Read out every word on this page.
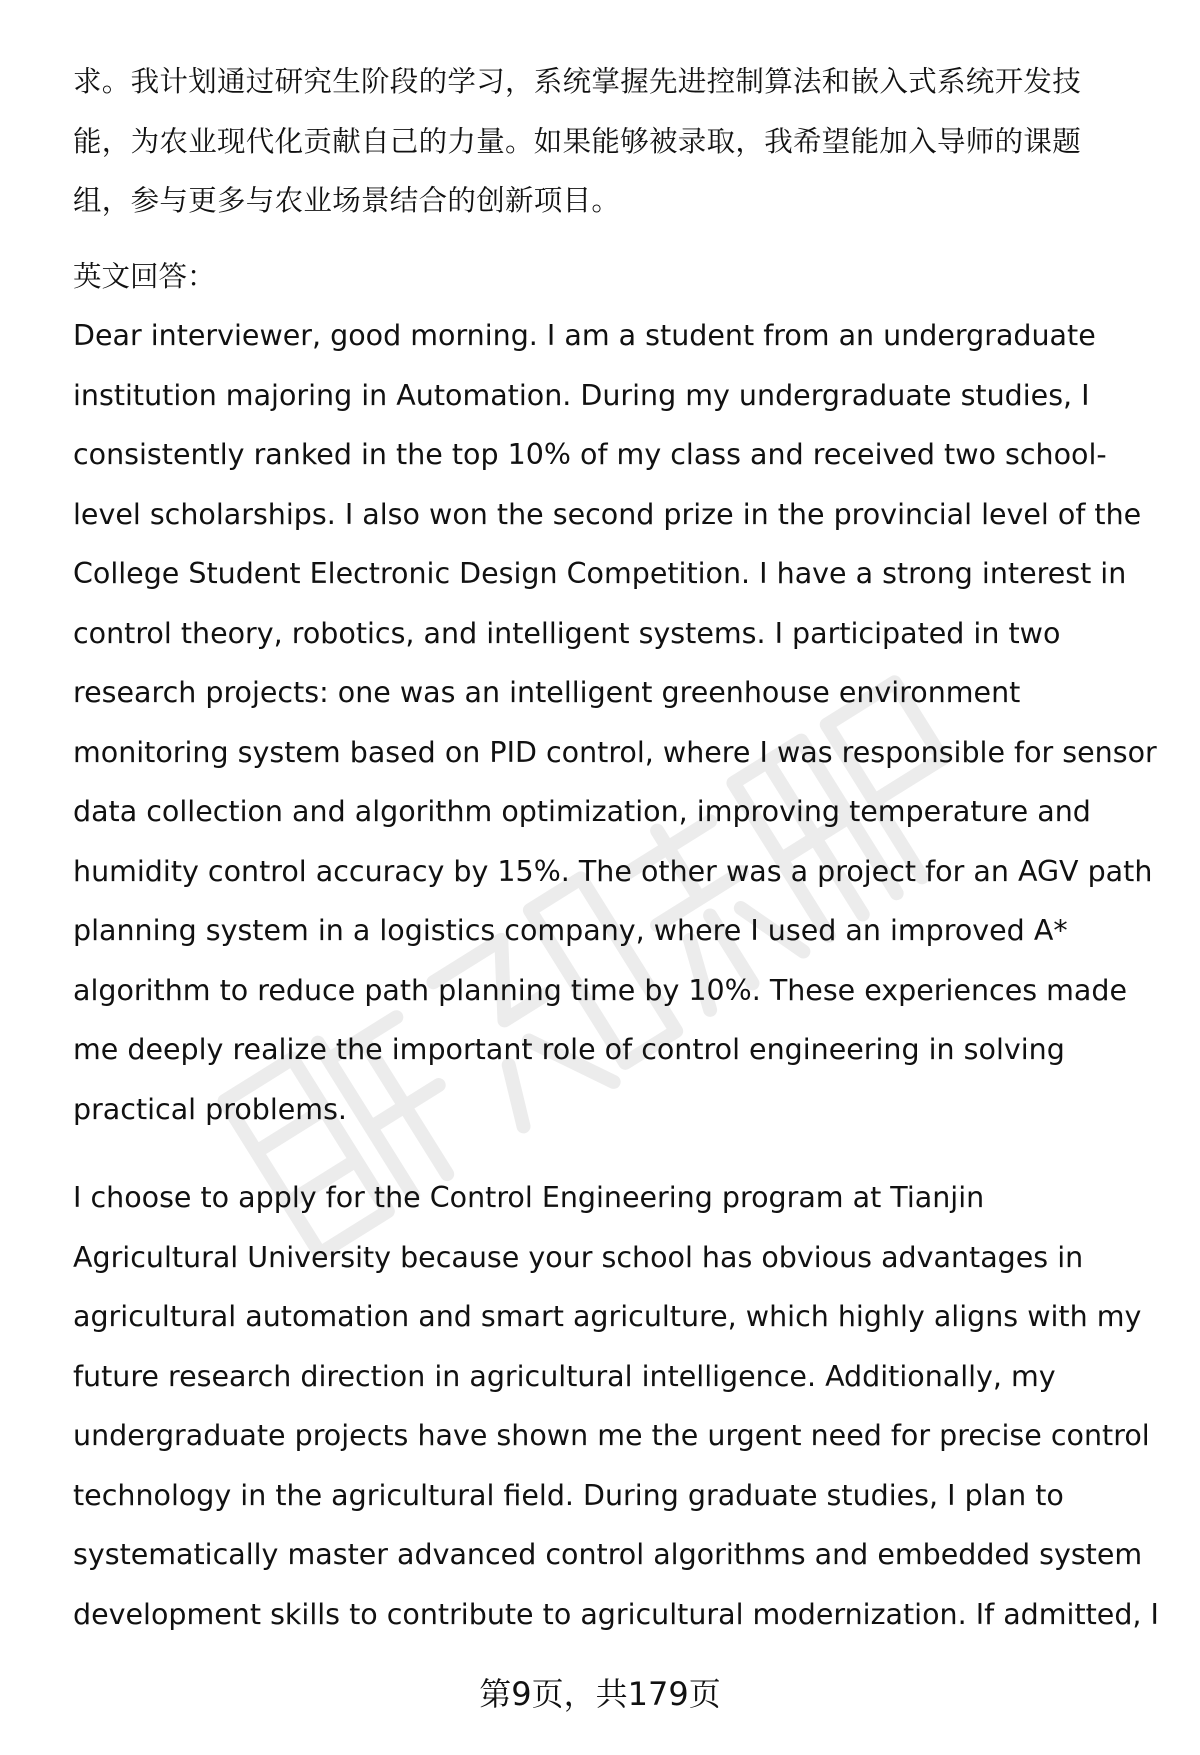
求。我计划通过研究生阶段的学习，系统掌握先进控制算法和嵌入式系统开发技
能，为农业现代化贡献自己的力量。如果能够被录取，我希望能加入导师的课题
组，参与更多与农业场景结合的创新项目。
英文回答：
Dear interviewer, good morning. I am a student from an undergraduate
institution majoring in Automation. During my undergraduate studies, I
consistently ranked in the top 10% of my class and received two school-
level scholarships. I also won the second prize in the provincial level of the
College Student Electronic Design Competition. I have a strong interest in
control theory, robotics, and intelligent systems. I participated in two
research projects: one was an intelligent greenhouse environment
monitoring system based on PID control, where I was responsible for sensor
data collection and algorithm optimization, improving temperature and
humidity control accuracy by 15%. The other was a project for an AGV path
planning system in a logistics company, where I used an improved A*
algorithm to reduce path planning time by 10%. These experiences made
me deeply realize the important role of control engineering in solving
practical problems.
I choose to apply for the Control Engineering program at Tianjin
Agricultural University because your school has obvious advantages in
agricultural automation and smart agriculture, which highly aligns with my
future research direction in agricultural intelligence. Additionally, my
undergraduate projects have shown me the urgent need for precise control
technology in the agricultural field. During graduate studies, I plan to
systematically master advanced control algorithms and embedded system
development skills to contribute to agricultural modernization. If admitted, I
第9页，共179页
